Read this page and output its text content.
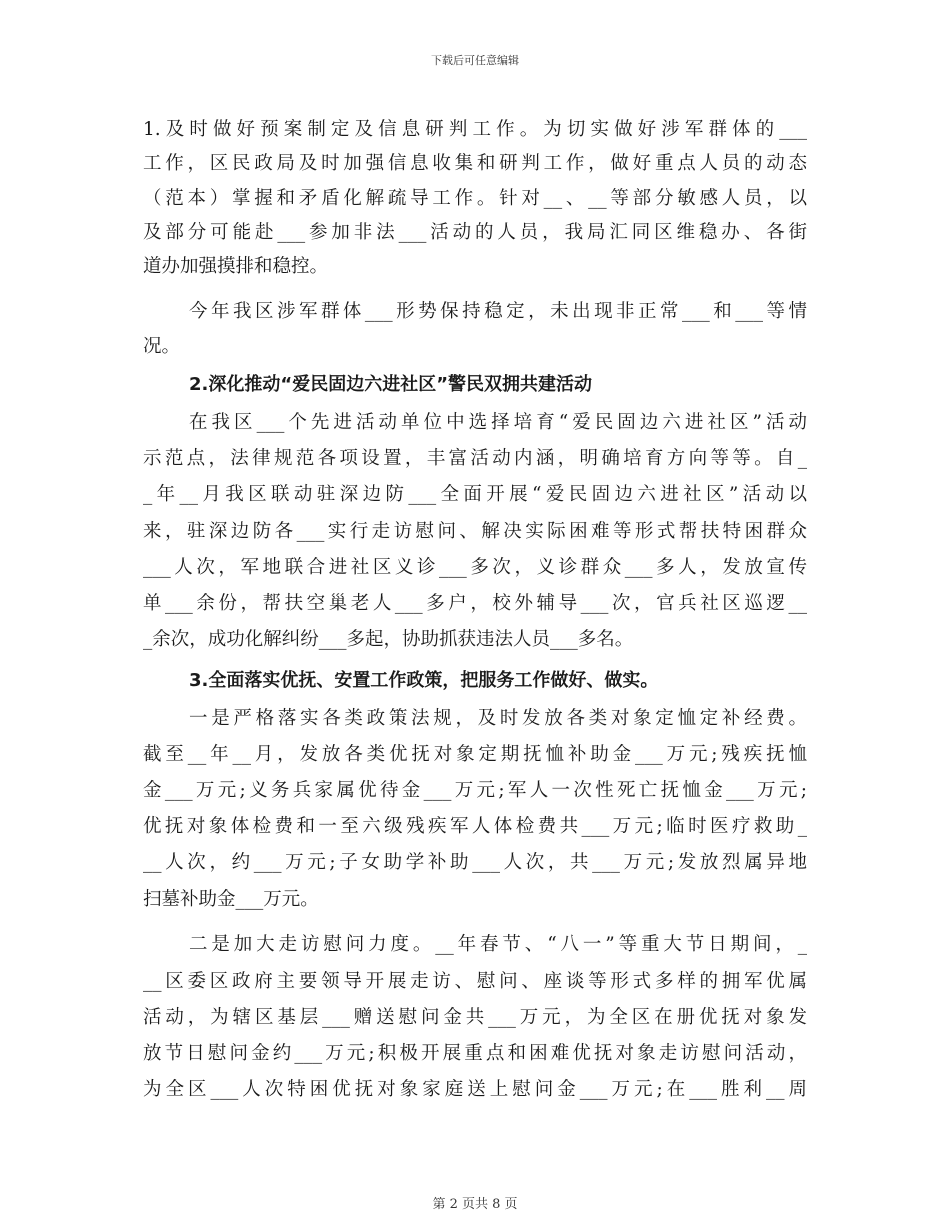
下载后可任意编辑
1.及时做好预案制定及信息研判工作。为切实做好涉军群体的___
工作，区民政局及时加强信息收集和研判工作，做好重点人员的动态
（范本）掌握和矛盾化解疏导工作。针对__、__等部分敏感人员，以
及部分可能赴___参加非法___活动的人员，我局汇同区维稳办、各街
道办加强摸排和稳控。
今年我区涉军群体___形势保持稳定，未出现非正常___和___等情
况。
2.深化推动“爱民固边六进社区”警民双拥共建活动
在我区___个先进活动单位中选择培育“爱民固边六进社区”活动
示范点，法律规范各项设置，丰富活动内涵，明确培育方向等等。自_
_年__月我区联动驻深边防___全面开展“爱民固边六进社区”活动以
来，驻深边防各___实行走访慰问、解决实际困难等形式帮扶特困群众
___人次，军地联合进社区义诊___多次，义诊群众___多人，发放宣传
单___余份，帮扶空巢老人___多户，校外辅导___次，官兵社区巡逻__
_余次，成功化解纠纷___多起，协助抓获违法人员___多名。
3.全面落实优抚、安置工作政策，把服务工作做好、做实。
一是严格落实各类政策法规，及时发放各类对象定恤定补经费。
截至__年__月，发放各类优抚对象定期抚恤补助金___万元;残疾抚恤
金___万元;义务兵家属优待金___万元;军人一次性死亡抚恤金___万元;
优抚对象体检费和一至六级残疾军人体检费共___万元;临时医疗救助_
__人次，约___万元;子女助学补助___人次，共___万元;发放烈属异地
扫墓补助金___万元。
二是加大走访慰问力度。__年春节、“八一”等重大节日期间，_
__区委区政府主要领导开展走访、慰问、座谈等形式多样的拥军优属
活动，为辖区基层___赠送慰问金共___万元，为全区在册优抚对象发
放节日慰问金约___万元;积极开展重点和困难优抚对象走访慰问活动，
为全区___人次特困优抚对象家庭送上慰问金___万元;在___胜利__周
第 2 页共 8 页
